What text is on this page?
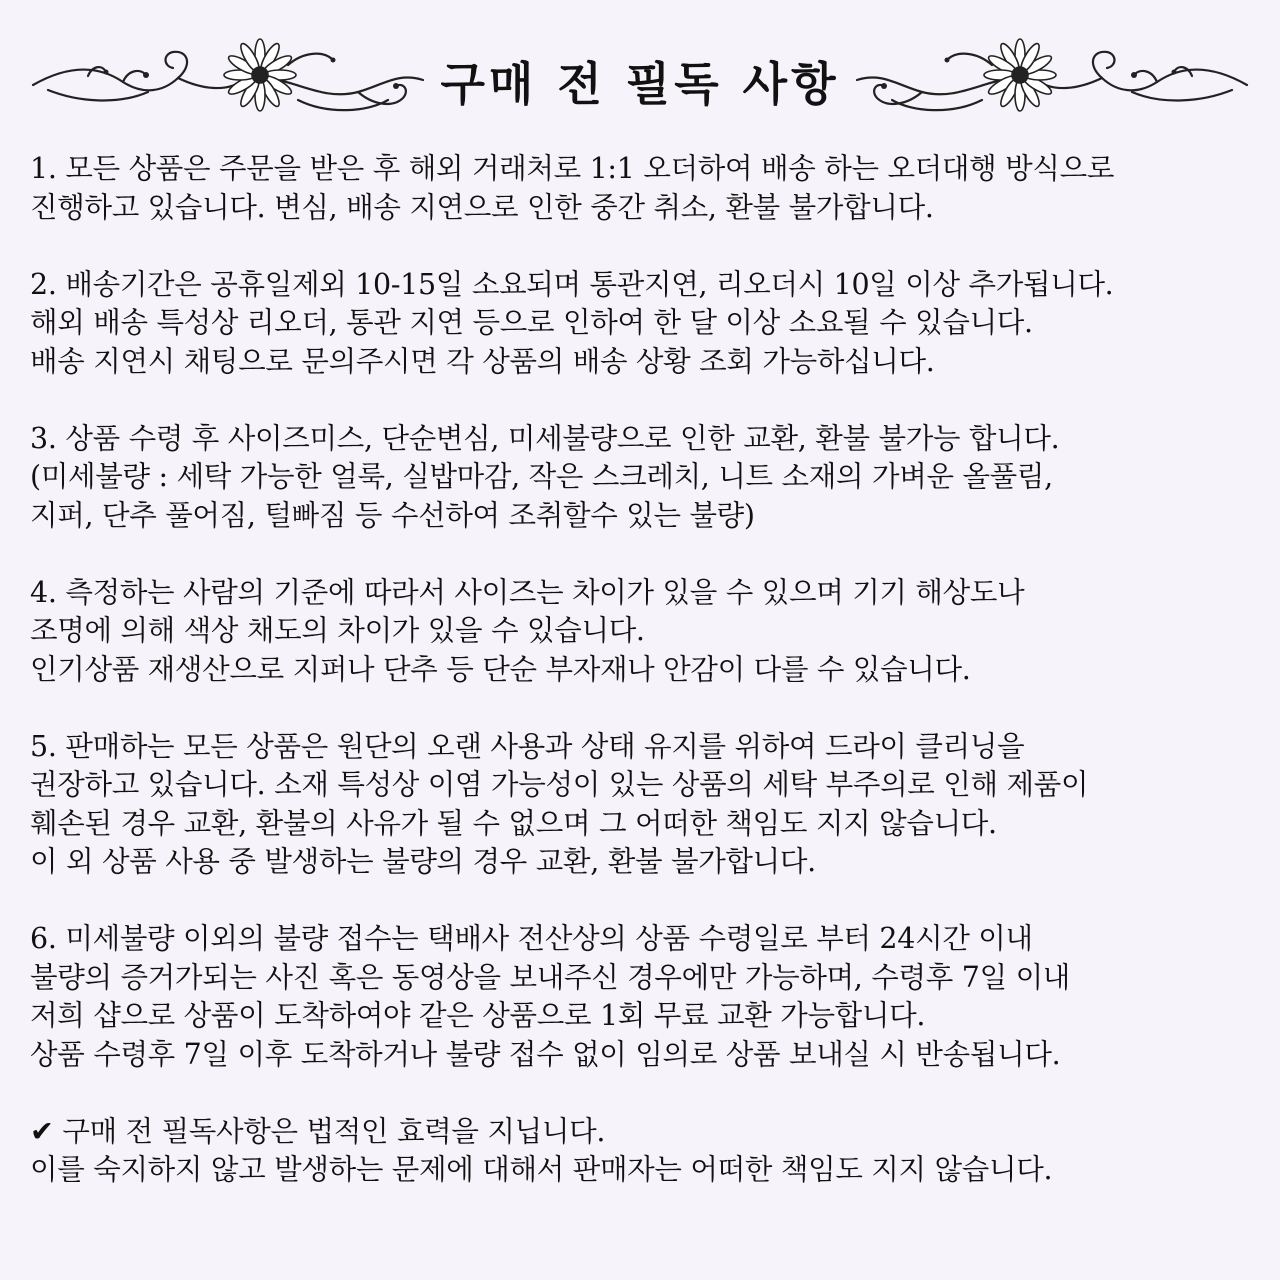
구매 전 필독 사항
1. 모든 상품은 주문을 받은 후 해외 거래처로 1:1 오더하여 배송 하는 오더대행 방식으로
진행하고 있습니다. 변심, 배송 지연으로 인한 중간 취소, 환불 불가합니다.
2. 배송기간은 공휴일제외 10-15일 소요되며 통관지연, 리오더시 10일 이상 추가됩니다.
해외 배송 특성상 리오더, 통관 지연 등으로 인하여 한 달 이상 소요될 수 있습니다.
배송 지연시 채팅으로 문의주시면 각 상품의 배송 상황 조회 가능하십니다.
3. 상품 수령 후 사이즈미스, 단순변심, 미세불량으로 인한 교환, 환불 불가능 합니다.
(미세불량 : 세탁 가능한 얼룩, 실밥마감, 작은 스크레치, 니트 소재의 가벼운 올풀림,
지퍼, 단추 풀어짐, 털빠짐 등 수선하여 조취할수 있는 불량)
4. 측정하는 사람의 기준에 따라서 사이즈는 차이가 있을 수 있으며 기기 해상도나
조명에 의해 색상 채도의 차이가 있을 수 있습니다.
인기상품 재생산으로 지퍼나 단추 등 단순 부자재나 안감이 다를 수 있습니다.
5. 판매하는 모든 상품은 원단의 오랜 사용과 상태 유지를 위하여 드라이 클리닝을
권장하고 있습니다. 소재 특성상 이염 가능성이 있는 상품의 세탁 부주의로 인해 제품이
훼손된 경우 교환, 환불의 사유가 될 수 없으며 그 어떠한 책임도 지지 않습니다.
이 외 상품 사용 중 발생하는 불량의 경우 교환, 환불 불가합니다.
6. 미세불량 이외의 불량 접수는 택배사 전산상의 상품 수령일로 부터 24시간 이내
불량의 증거가되는 사진 혹은 동영상을 보내주신 경우에만 가능하며, 수령후 7일 이내
저희 샵으로 상품이 도착하여야 같은 상품으로 1회 무료 교환 가능합니다.
상품 수령후 7일 이후 도착하거나 불량 접수 없이 임의로 상품 보내실 시 반송됩니다.
✔ 구매 전 필독사항은 법적인 효력을 지닙니다.
이를 숙지하지 않고 발생하는 문제에 대해서 판매자는 어떠한 책임도 지지 않습니다.
